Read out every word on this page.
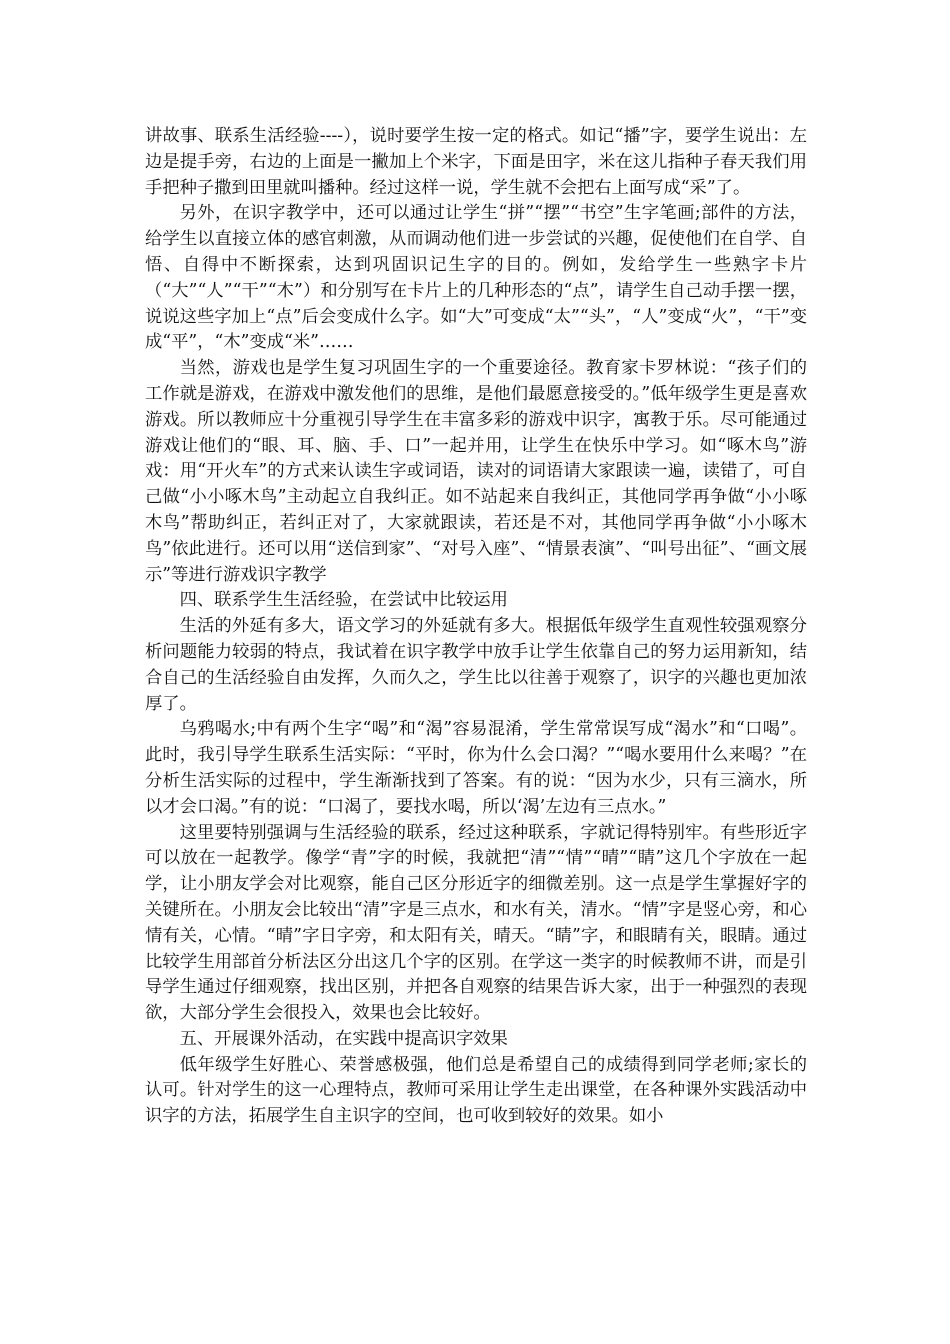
讲故事、联系生活经验----），说时要学生按一定的格式。如记“播”字，要学生说出：左边是提手旁，右边的上面是一撇加上个米字，下面是田字，米在这儿指种子春天我们用手把种子撒到田里就叫播种。经过这样一说，学生就不会把右上面写成“采”了。

另外，在识字教学中，还可以通过让学生“拼”“摆”“书空”生字笔画;部件的方法，给学生以直接立体的感官刺激，从而调动他们进一步尝试的兴趣，促使他们在自学、自悟、自得中不断探索，达到巩固识记生字的目的。例如，发给学生一些熟字卡片（“大”“人”“干”“木”）和分别写在卡片上的几种形态的“点”，请学生自己动手摆一摆，说说这些字加上“点”后会变成什么字。如“大”可变成“太”“头”，“人”变成“火”，“干”变成“平”，“木”变成“米”……

当然，游戏也是学生复习巩固生字的一个重要途径。教育家卡罗林说：“孩子们的工作就是游戏，在游戏中激发他们的思维，是他们最愿意接受的。”低年级学生更是喜欢游戏。所以教师应十分重视引导学生在丰富多彩的游戏中识字，寓教于乐。尽可能通过游戏让他们的“眼、耳、脑、手、口”一起并用，让学生在快乐中学习。如“啄木鸟”游戏：用“开火车”的方式来认读生字或词语，读对的词语请大家跟读一遍，读错了，可自己做“小小啄木鸟”主动起立自我纠正。如不站起来自我纠正，其他同学再争做“小小啄木鸟”帮助纠正，若纠正对了，大家就跟读，若还是不对，其他同学再争做“小小啄木鸟”依此进行。还可以用“送信到家”、“对号入座”、“情景表演”、“叫号出征”、“画文展示”等进行游戏识字教学

四、联系学生生活经验，在尝试中比较运用

生活的外延有多大，语文学习的外延就有多大。根据低年级学生直观性较强观察分析问题能力较弱的特点，我试着在识字教学中放手让学生依靠自己的努力运用新知，结合自己的生活经验自由发挥，久而久之，学生比以往善于观察了，识字的兴趣也更加浓厚了。

乌鸦喝水;中有两个生字“喝”和“渴”容易混淆，学生常常误写成“渴水”和“口喝”。此时，我引导学生联系生活实际：“平时，你为什么会口渴？”“喝水要用什么来喝？”在分析生活实际的过程中，学生渐渐找到了答案。有的说：“因为水少，只有三滴水，所以才会口渴。”有的说：“口渴了，要找水喝，所以‘渴’左边有三点水。”

这里要特别强调与生活经验的联系，经过这种联系，字就记得特别牢。有些形近字可以放在一起教学。像学“青”字的时候，我就把“清”“情”“晴”“睛”这几个字放在一起学，让小朋友学会对比观察，能自己区分形近字的细微差别。这一点是学生掌握好字的关键所在。小朋友会比较出“清”字是三点水，和水有关，清水。“情”字是竖心旁，和心情有关，心情。“晴”字日字旁，和太阳有关，晴天。“睛”字，和眼睛有关，眼睛。通过比较学生用部首分析法区分出这几个字的区别。在学这一类字的时候教师不讲，而是引导学生通过仔细观察，找出区别，并把各自观察的结果告诉大家，出于一种强烈的表现欲，大部分学生会很投入，效果也会比较好。

五、开展课外活动，在实践中提高识字效果

低年级学生好胜心、荣誉感极强，他们总是希望自己的成绩得到同学老师;家长的认可。针对学生的这一心理特点，教师可采用让学生走出课堂，在各种课外实践活动中识字的方法，拓展学生自主识字的空间，也可收到较好的效果。如小
